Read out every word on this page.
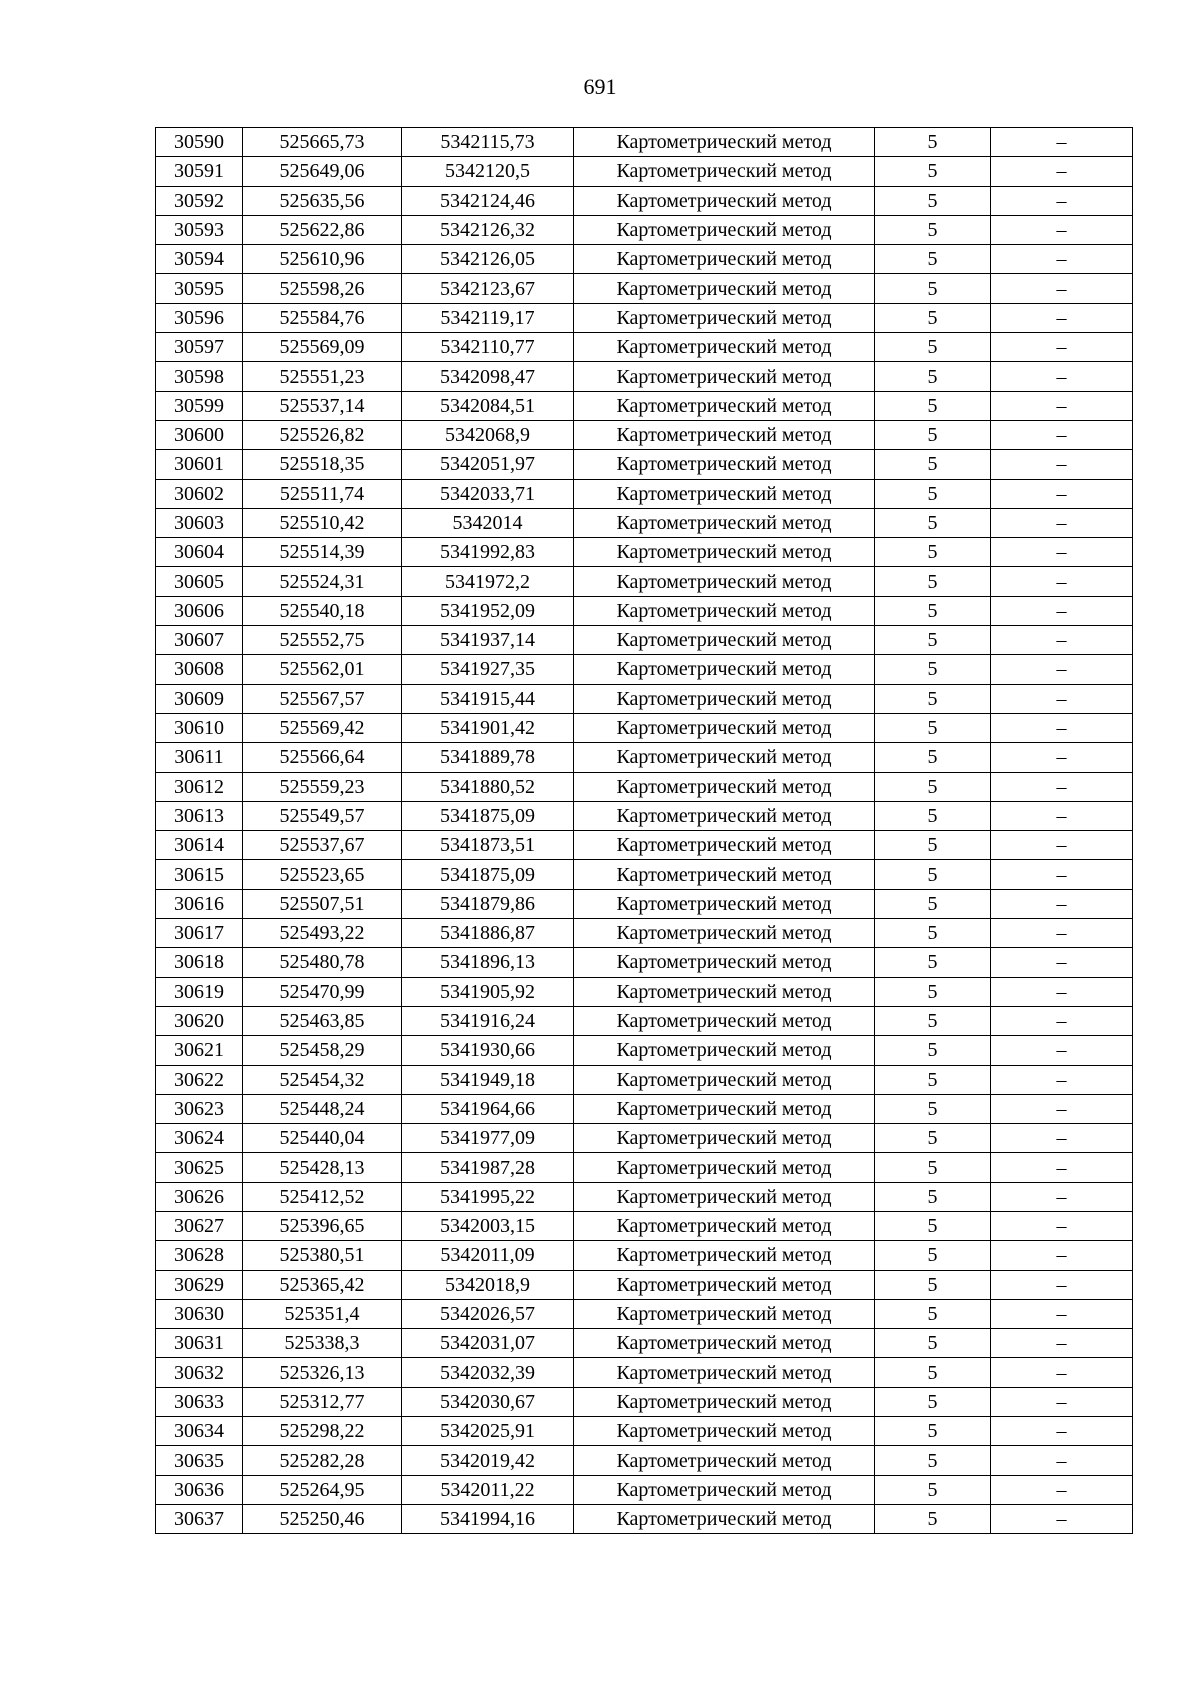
691
30590	525665,73	5342115,73	Картометрический метод	5	–
30591	525649,06	5342120,5	Картометрический метод	5	–
30592	525635,56	5342124,46	Картометрический метод	5	–
30593	525622,86	5342126,32	Картометрический метод	5	–
30594	525610,96	5342126,05	Картометрический метод	5	–
30595	525598,26	5342123,67	Картометрический метод	5	–
30596	525584,76	5342119,17	Картометрический метод	5	–
30597	525569,09	5342110,77	Картометрический метод	5	–
30598	525551,23	5342098,47	Картометрический метод	5	–
30599	525537,14	5342084,51	Картометрический метод	5	–
30600	525526,82	5342068,9	Картометрический метод	5	–
30601	525518,35	5342051,97	Картометрический метод	5	–
30602	525511,74	5342033,71	Картометрический метод	5	–
30603	525510,42	5342014	Картометрический метод	5	–
30604	525514,39	5341992,83	Картометрический метод	5	–
30605	525524,31	5341972,2	Картометрический метод	5	–
30606	525540,18	5341952,09	Картометрический метод	5	–
30607	525552,75	5341937,14	Картометрический метод	5	–
30608	525562,01	5341927,35	Картометрический метод	5	–
30609	525567,57	5341915,44	Картометрический метод	5	–
30610	525569,42	5341901,42	Картометрический метод	5	–
30611	525566,64	5341889,78	Картометрический метод	5	–
30612	525559,23	5341880,52	Картометрический метод	5	–
30613	525549,57	5341875,09	Картометрический метод	5	–
30614	525537,67	5341873,51	Картометрический метод	5	–
30615	525523,65	5341875,09	Картометрический метод	5	–
30616	525507,51	5341879,86	Картометрический метод	5	–
30617	525493,22	5341886,87	Картометрический метод	5	–
30618	525480,78	5341896,13	Картометрический метод	5	–
30619	525470,99	5341905,92	Картометрический метод	5	–
30620	525463,85	5341916,24	Картометрический метод	5	–
30621	525458,29	5341930,66	Картометрический метод	5	–
30622	525454,32	5341949,18	Картометрический метод	5	–
30623	525448,24	5341964,66	Картометрический метод	5	–
30624	525440,04	5341977,09	Картометрический метод	5	–
30625	525428,13	5341987,28	Картометрический метод	5	–
30626	525412,52	5341995,22	Картометрический метод	5	–
30627	525396,65	5342003,15	Картометрический метод	5	–
30628	525380,51	5342011,09	Картометрический метод	5	–
30629	525365,42	5342018,9	Картометрический метод	5	–
30630	525351,4	5342026,57	Картометрический метод	5	–
30631	525338,3	5342031,07	Картометрический метод	5	–
30632	525326,13	5342032,39	Картометрический метод	5	–
30633	525312,77	5342030,67	Картометрический метод	5	–
30634	525298,22	5342025,91	Картометрический метод	5	–
30635	525282,28	5342019,42	Картометрический метод	5	–
30636	525264,95	5342011,22	Картометрический метод	5	–
30637	525250,46	5341994,16	Картометрический метод	5	–
